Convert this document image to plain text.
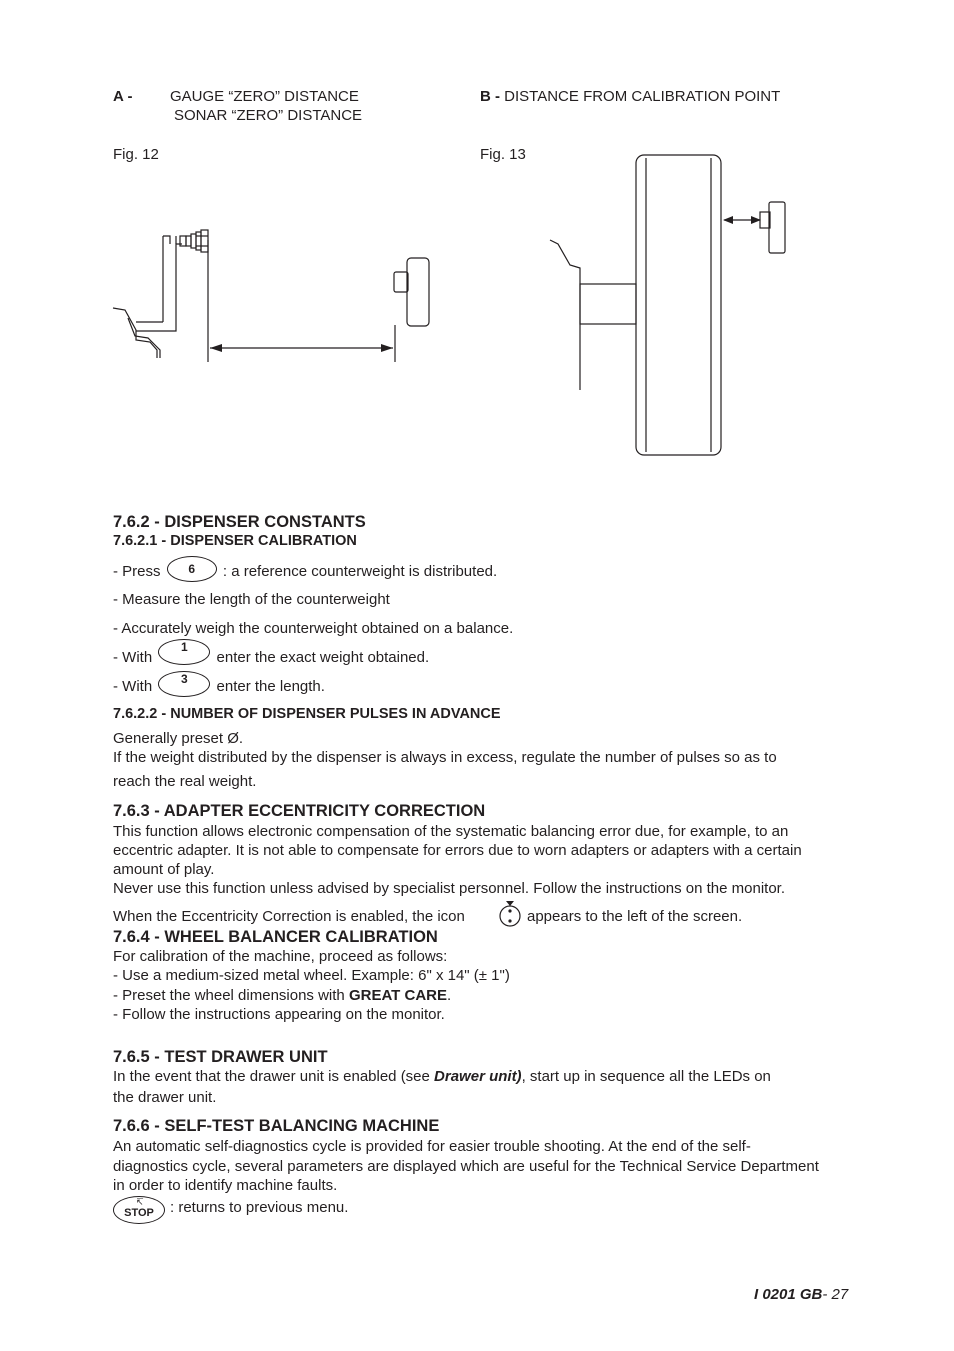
A -	GAUGE “ZERO” DISTANCE
SONAR “ZERO” DISTANCE
B - DISTANCE FROM CALIBRATION POINT
Fig. 12	Fig. 13
7.6.2 - DISPENSER CONSTANTS
7.6.2.1 - DISPENSER CALIBRATION
- Press 6 : a reference counterweight is distributed.
- Measure the length of the counterweight
- Accurately weigh the counterweight obtained on a balance.
- With 1 enter the exact weight obtained.
- With 3 enter the length.
7.6.2.2 - NUMBER OF DISPENSER PULSES IN ADVANCE
Generally preset Ø.
If the weight distributed by the dispenser is always in excess, regulate the number of pulses so as to
reach the real weight.
7.6.3 - ADAPTER ECCENTRICITY CORRECTION
This function allows electronic compensation of the systematic balancing error due, for example, to an
eccentric adapter. It is not able to compensate for errors due to worn adapters or adapters with a certain
amount of play.
Never use this function unless advised by specialist personnel. Follow the instructions on the monitor.
When the Eccentricity Correction is enabled, the icon	appears to the left of the screen.
7.6.4 - WHEEL BALANCER CALIBRATION
For calibration of the machine, proceed as follows:
- Use a medium-sized metal wheel. Example: 6" x 14" (± 1")
- Preset the wheel dimensions with GREAT CARE.
- Follow the instructions appearing on the monitor.
7.6.5 - TEST DRAWER UNIT
In the event that the drawer unit is enabled (see Drawer unit), start up in sequence all the LEDs on
the drawer unit.
7.6.6 - SELF-TEST BALANCING MACHINE
An automatic self-diagnostics cycle is provided for easier trouble shooting. At the end of the self-
diagnostics cycle, several parameters are displayed which are useful for the Technical Service Department
in order to identify machine faults.
↸
STOP	: returns to previous menu.
I 0201 GB- 27
